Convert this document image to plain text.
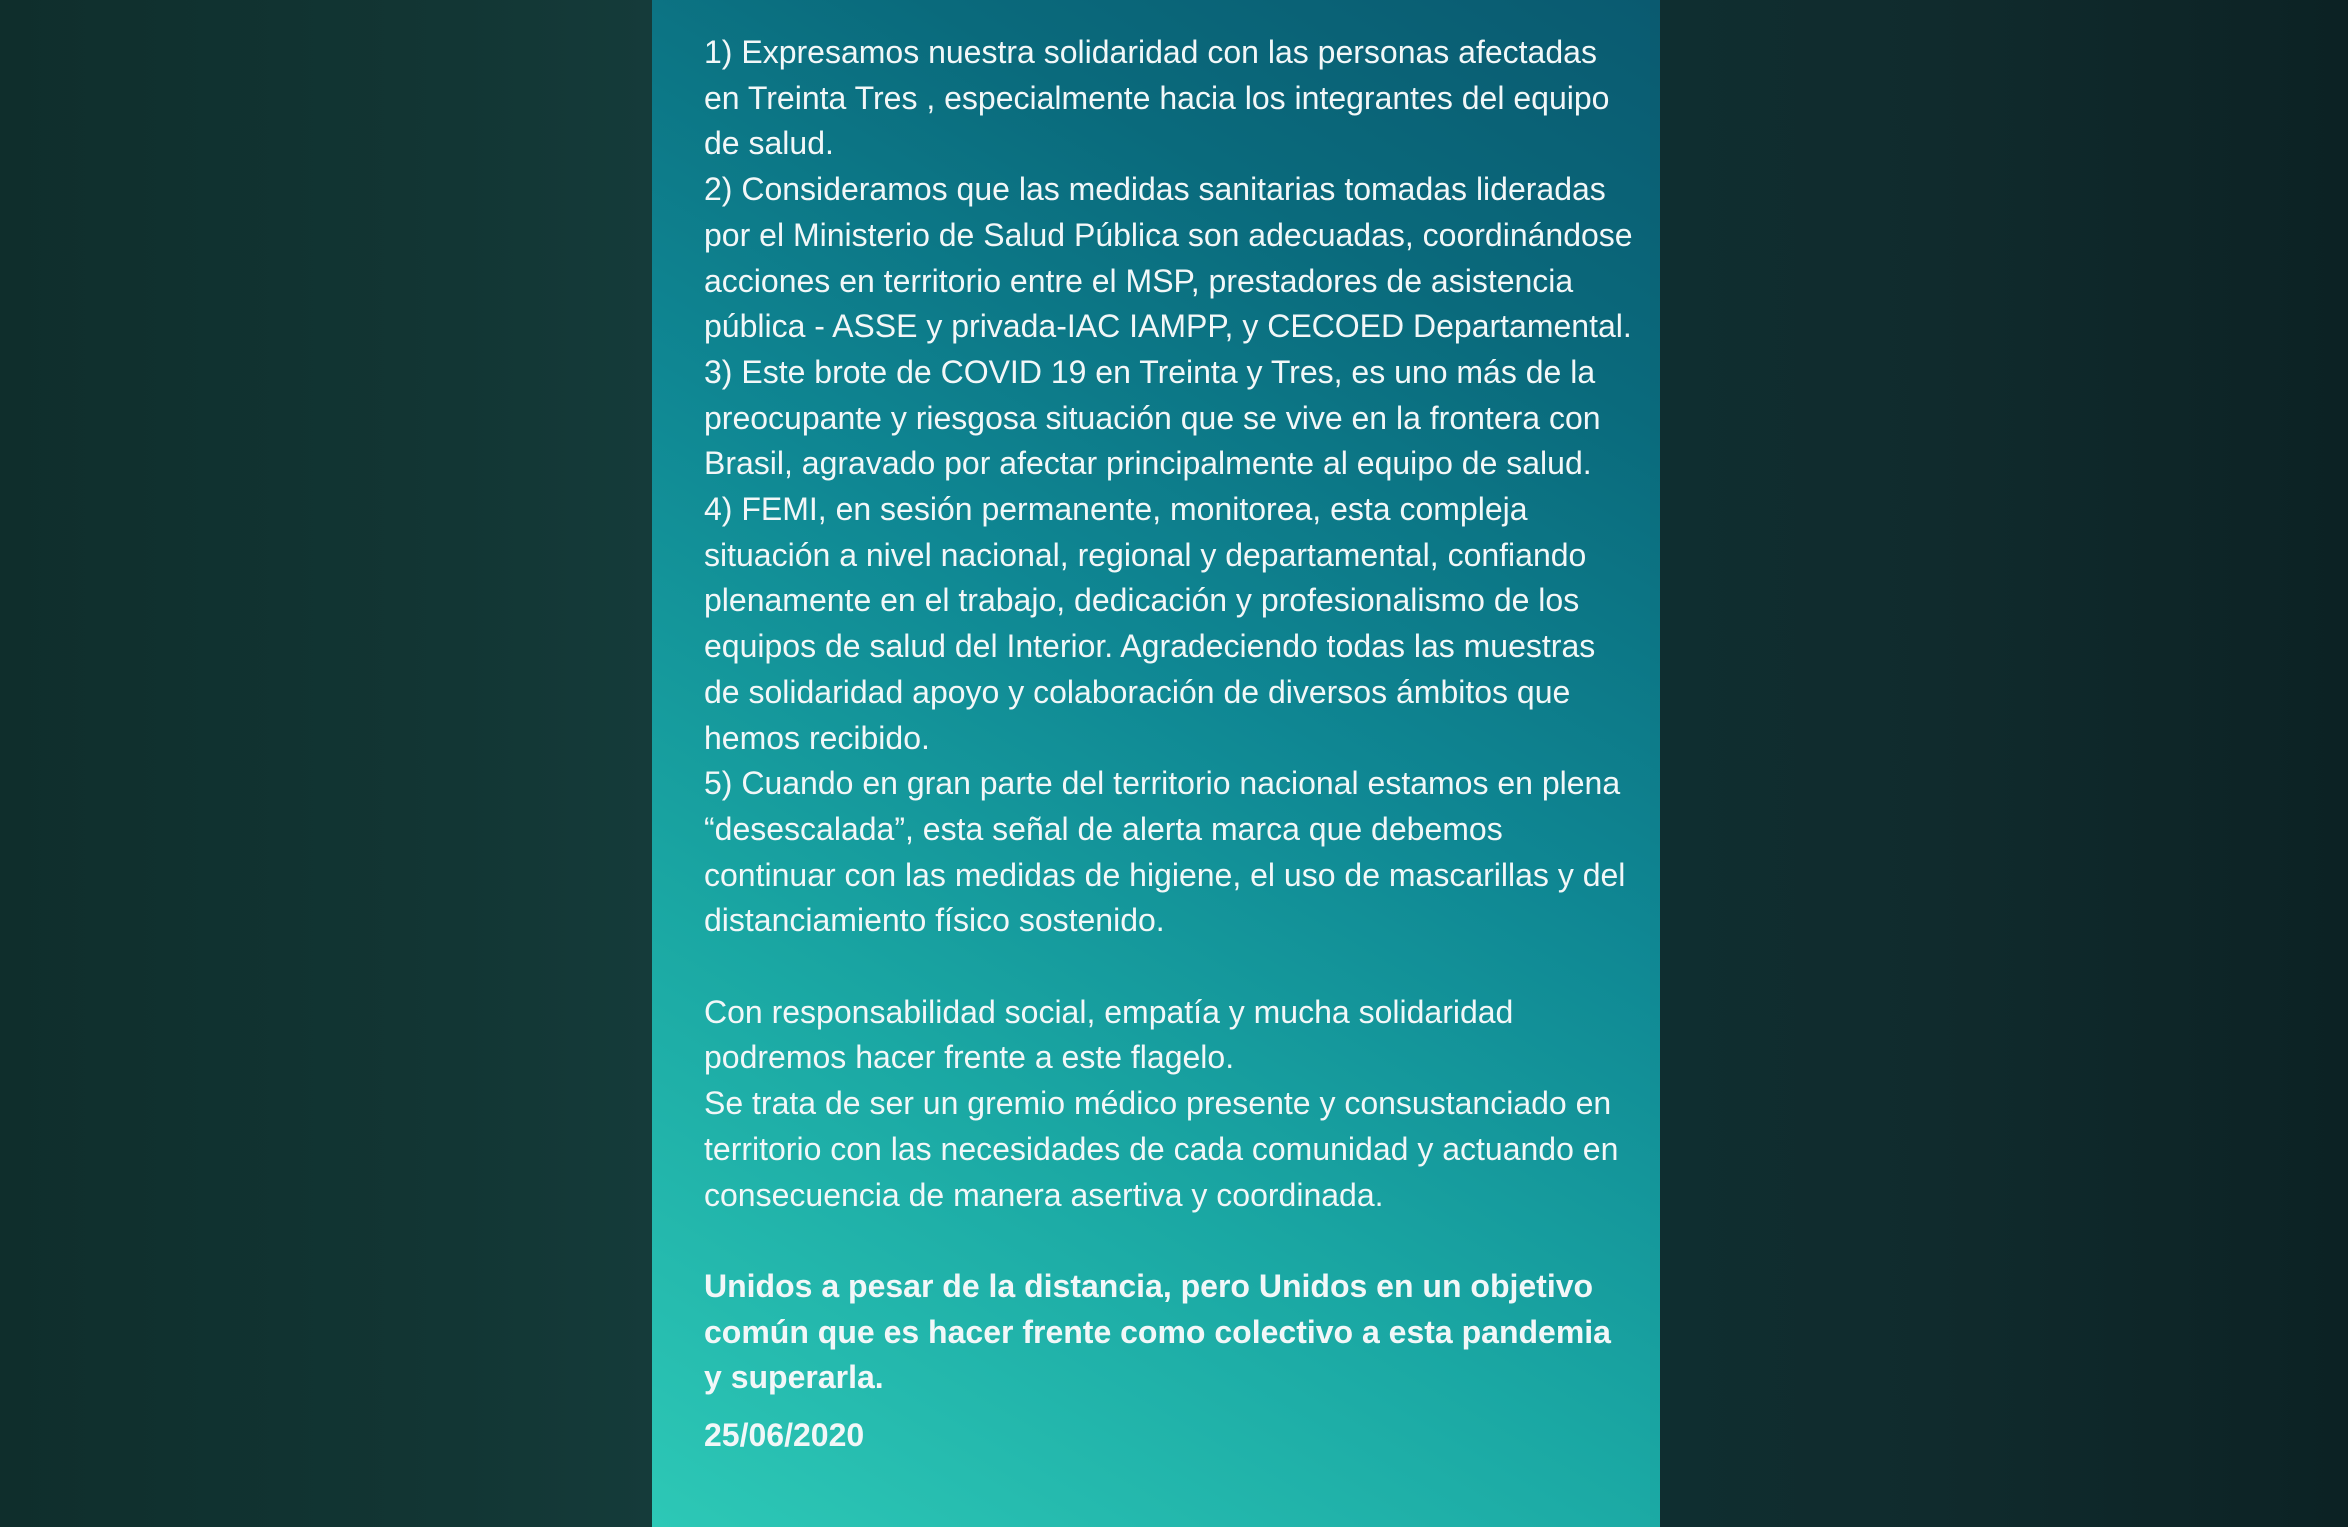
1) Expresamos nuestra solidaridad con las personas afectadas en Treinta Tres , especialmente hacia los integrantes del equipo de salud.

2) Consideramos que las medidas sanitarias tomadas lideradas por el Ministerio de Salud Pública son adecuadas, coordinándose acciones en territorio entre el MSP, prestadores de asistencia pública - ASSE y privada-IAC IAMPP, y CECOED Departamental.

3) Este brote de COVID 19 en Treinta y Tres, es uno más de la preocupante y riesgosa situación que se vive en la frontera con Brasil, agravado por afectar principalmente al equipo de salud.

4) FEMI, en sesión permanente, monitorea, esta compleja situación a nivel nacional, regional y departamental, confiando plenamente en el trabajo, dedicación y profesionalismo de los equipos de salud del Interior. Agradeciendo todas las muestras de solidaridad apoyo y colaboración de diversos ámbitos que hemos recibido.

5) Cuando en gran parte del territorio nacional estamos en plena “desescalada”, esta señal de alerta marca que debemos continuar con las medidas de higiene, el uso de mascarillas y del distanciamiento físico sostenido.

Con responsabilidad social, empatía y mucha solidaridad podremos hacer frente a este flagelo.

Se trata de ser un gremio médico presente y consustanciado en territorio con las necesidades de cada comunidad y actuando en consecuencia de manera asertiva y coordinada.

Unidos a pesar de la distancia, pero Unidos en un objetivo común que es hacer frente como colectivo a esta pandemia y superarla.

25/06/2020
